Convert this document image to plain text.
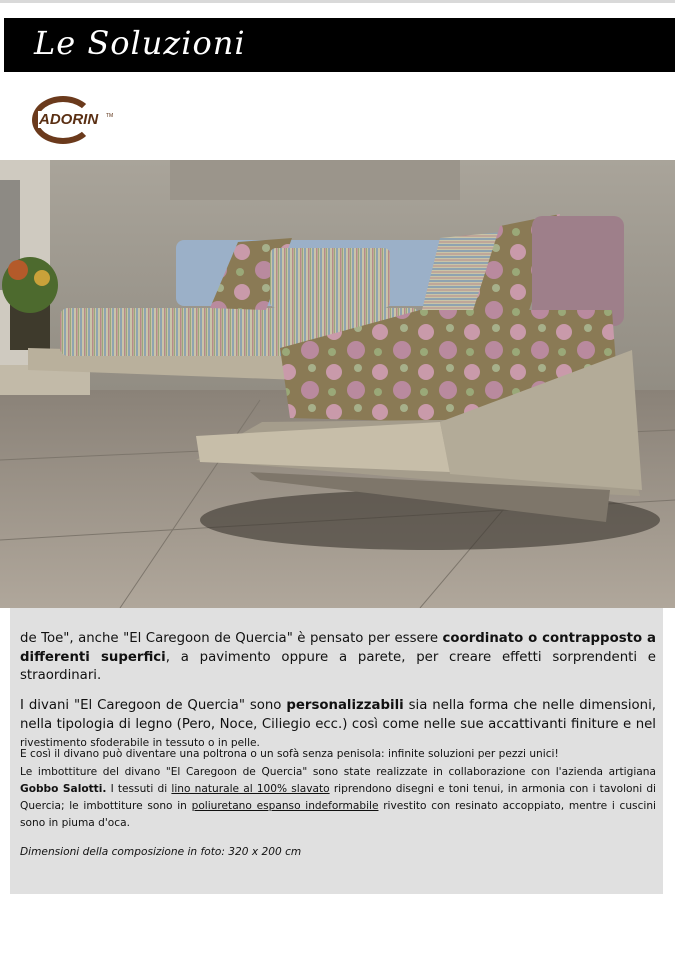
Le Soluzioni
ADORIN TM

de Toe", anche "El Caregoon de Quercia" è pensato per essere coordinato o contrapposto a differenti superfici, a pavimento oppure a parete, per creare effetti sorprendenti e straordinari.

I divani "El Caregoon de Quercia" sono personalizzabili sia nella forma che nelle dimensioni, nella tipologia di legno (Pero, Noce, Ciliegio ecc.) così come nelle sue accattivanti finiture e nel rivestimento sfoderabile in tessuto o in pelle.

E così il divano può diventare una poltrona o un sofà senza penisola: infinite soluzioni per pezzi unici!

Le imbottiture del divano "El Caregoon de Quercia" sono state realizzate in collaborazione con l'azienda artigiana Gobbo Salotti. I tessuti di lino naturale al 100% slavato riprendono disegni e toni tenui, in armonia con i tavoloni di Quercia; le imbottiture sono in poliuretano espanso indeformabile rivestito con resinato accoppiato, mentre i cuscini sono in piuma d'oca.

Dimensioni della composizione in foto: 320 x 200 cm
